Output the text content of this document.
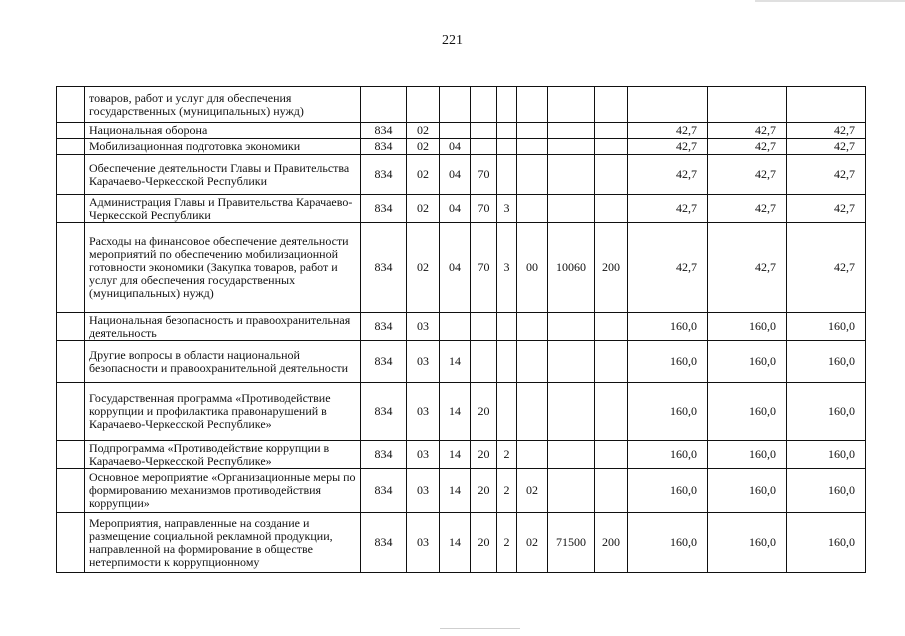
221
	товаров, работ и услуг для обеспечения государственных (муниципальных) нужд)											
	Национальная оборона	834	02							42,7	42,7	42,7
	Мобилизационная подготовка экономики	834	02	04						42,7	42,7	42,7
	Обеспечение деятельности Главы и Правительства Карачаево-Черкесской Республики	834	02	04	70					42,7	42,7	42,7
	Администрация Главы и Правительства Карачаево-Черкесской Республики	834	02	04	70	3				42,7	42,7	42,7
	Расходы на финансовое обеспечение деятельности мероприятий по обеспечению мобилизационной готовности экономики (Закупка товаров, работ и услуг для обеспечения государственных (муниципальных) нужд)	834	02	04	70	3	00	10060	200	42,7	42,7	42,7
	Национальная безопасность и правоохранительная деятельность	834	03							160,0	160,0	160,0
	Другие вопросы в области национальной безопасности и правоохранительной деятельности	834	03	14						160,0	160,0	160,0
	Государственная программа «Противодействие коррупции и профилактика правонарушений в Карачаево-Черкесской Республике»	834	03	14	20					160,0	160,0	160,0
	Подпрограмма «Противодействие коррупции в Карачаево-Черкесской Республике»	834	03	14	20	2				160,0	160,0	160,0
	Основное мероприятие «Организационные меры по формированию механизмов противодействия коррупции»	834	03	14	20	2	02			160,0	160,0	160,0
	Мероприятия, направленные на создание и размещение социальной рекламной продукции, направленной на формирование в обществе нетерпимости к коррупционному	834	03	14	20	2	02	71500	200	160,0	160,0	160,0
